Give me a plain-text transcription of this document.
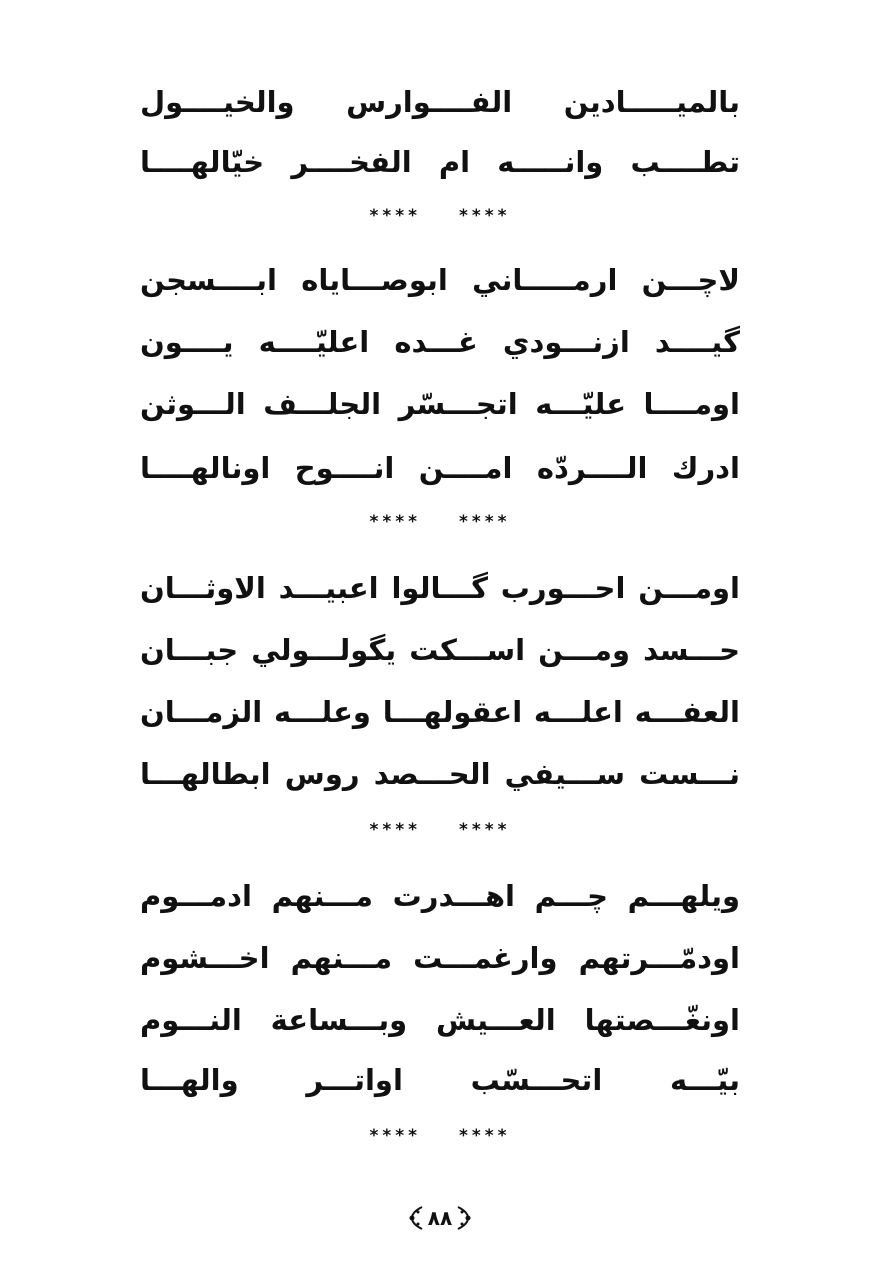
بالميـــــادين الفــــوارس والخيــــول
تطــــب وانـــــه ام الفخــــر خيّالهــــا
**** ****
لاچـــن ارمـــــاني ابوصـــاياه ابــــسجن
گيــــد ازنـــودي غـــده اعليّــــه يــــون
اومــــا عليّـــه اتجـــسّر الجلـــف الـــوثن
ادرك الــــردّه امــــن انــــوح اونالهــــا
**** ****
اومـــن احـــورب گـــالوا اعبيـــد الاوثـــان
حـــسد ومـــن اســـكت يگولـــولي جبـــان
العفـــه اعلـــه اعقولهـــا وعلـــه الزمـــان
نـــست ســـيفي الحـــصد روس ابطالهـــا
**** ****
ويلهـــم چـــم اهـــدرت مـــنهم ادمـــوم
اودمّـــرتهم وارغمـــت مـــنهم اخـــشوم
اونغّـــصتها العـــيش وبـــساعة النـــوم
بيّـــه اتحـــسّب اواتـــر والهـــا
**** ****
٨٨
